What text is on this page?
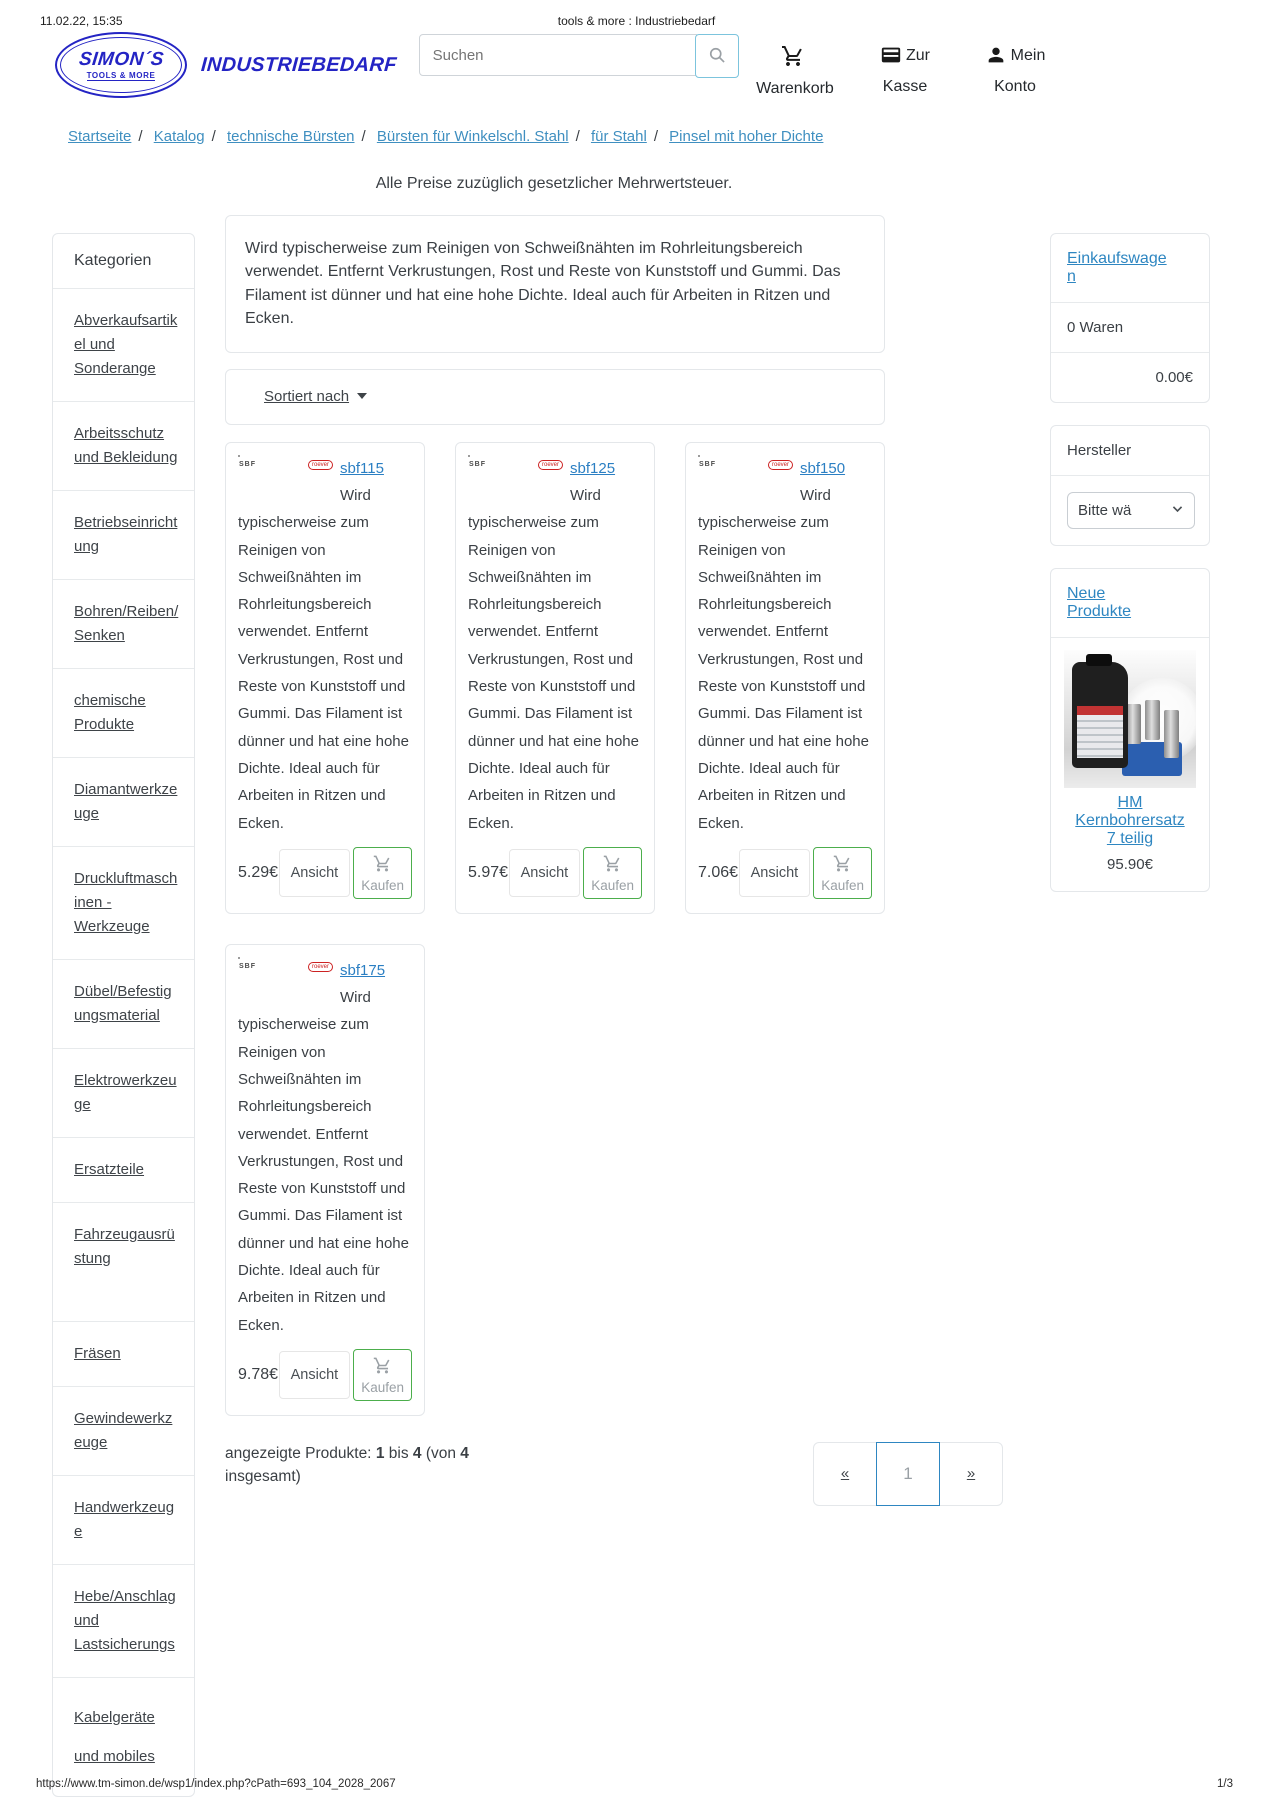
11.02.22, 15:35	tools & more : Industriebedarf
SIMON´S
TOOLS & MORE INDUSTRIEBEDARF
Suchen
Warenkorb
Zur Kasse
Mein Konto
Startseite / Katalog / technische Bürsten / Bürsten für Winkelschl. Stahl / für Stahl / Pinsel mit hoher Dichte
Alle Preise zuzüglich gesetzlicher Mehrwertsteuer.
Kategorien
Abverkaufsartikel und Sonderange
Arbeitsschutz und Bekleidung
Betriebseinrichtung
Bohren/Reiben/Senken
chemische Produkte
Diamantwerkzeuge
Druckluftmaschinen - Werkzeuge
Dübel/Befestigungsmaterial
Elektrowerkzeuge
Ersatzteile
Fahrzeugausrüstung
Fräsen
Gewindewerkzeuge
Handwerkzeuge
Hebe/Anschlag und Lastsicherungs
Kabelgeräte und mobiles
Wird typischerweise zum Reinigen von Schweißnähten im Rohrleitungsbereich verwendet. Entfernt Verkrustungen, Rost und Reste von Kunststoff und Gummi. Das Filament ist dünner und hat eine hohe Dichte. Ideal auch für Arbeiten in Ritzen und Ecken.
Sortiert nach
SBF	roever sbf115
Wird typischerweise zum Reinigen von Schweißnähten im Rohrleitungsbereich verwendet. Entfernt Verkrustungen, Rost und Reste von Kunststoff und Gummi. Das Filament ist dünner und hat eine hohe Dichte. Ideal auch für Arbeiten in Ritzen und Ecken.
5.29€ Ansicht
Kaufen
SBF	roever sbf125
Wird typischerweise zum Reinigen von Schweißnähten im Rohrleitungsbereich verwendet. Entfernt Verkrustungen, Rost und Reste von Kunststoff und Gummi. Das Filament ist dünner und hat eine hohe Dichte. Ideal auch für Arbeiten in Ritzen und Ecken.
5.97€ Ansicht
Kaufen
SBF	roever sbf150
Wird typischerweise zum Reinigen von Schweißnähten im Rohrleitungsbereich verwendet. Entfernt Verkrustungen, Rost und Reste von Kunststoff und Gummi. Das Filament ist dünner und hat eine hohe Dichte. Ideal auch für Arbeiten in Ritzen und Ecken.
7.06€ Ansicht
Kaufen
SBF	roever sbf175
Wird typischerweise zum Reinigen von Schweißnähten im Rohrleitungsbereich verwendet. Entfernt Verkrustungen, Rost und Reste von Kunststoff und Gummi. Das Filament ist dünner und hat eine hohe Dichte. Ideal auch für Arbeiten in Ritzen und Ecken.
9.78€ Ansicht
Kaufen
angezeigte Produkte: 1 bis 4 (von 4 insgesamt)	«	1	»
Einkaufswagen
0 Waren
0.00€
Hersteller
Bitte wä
Neue Produkte
HM Kernbohrersatz 7 teilig
95.90€
https://www.tm-simon.de/wsp1/index.php?cPath=693_104_2028_2067	1/3
